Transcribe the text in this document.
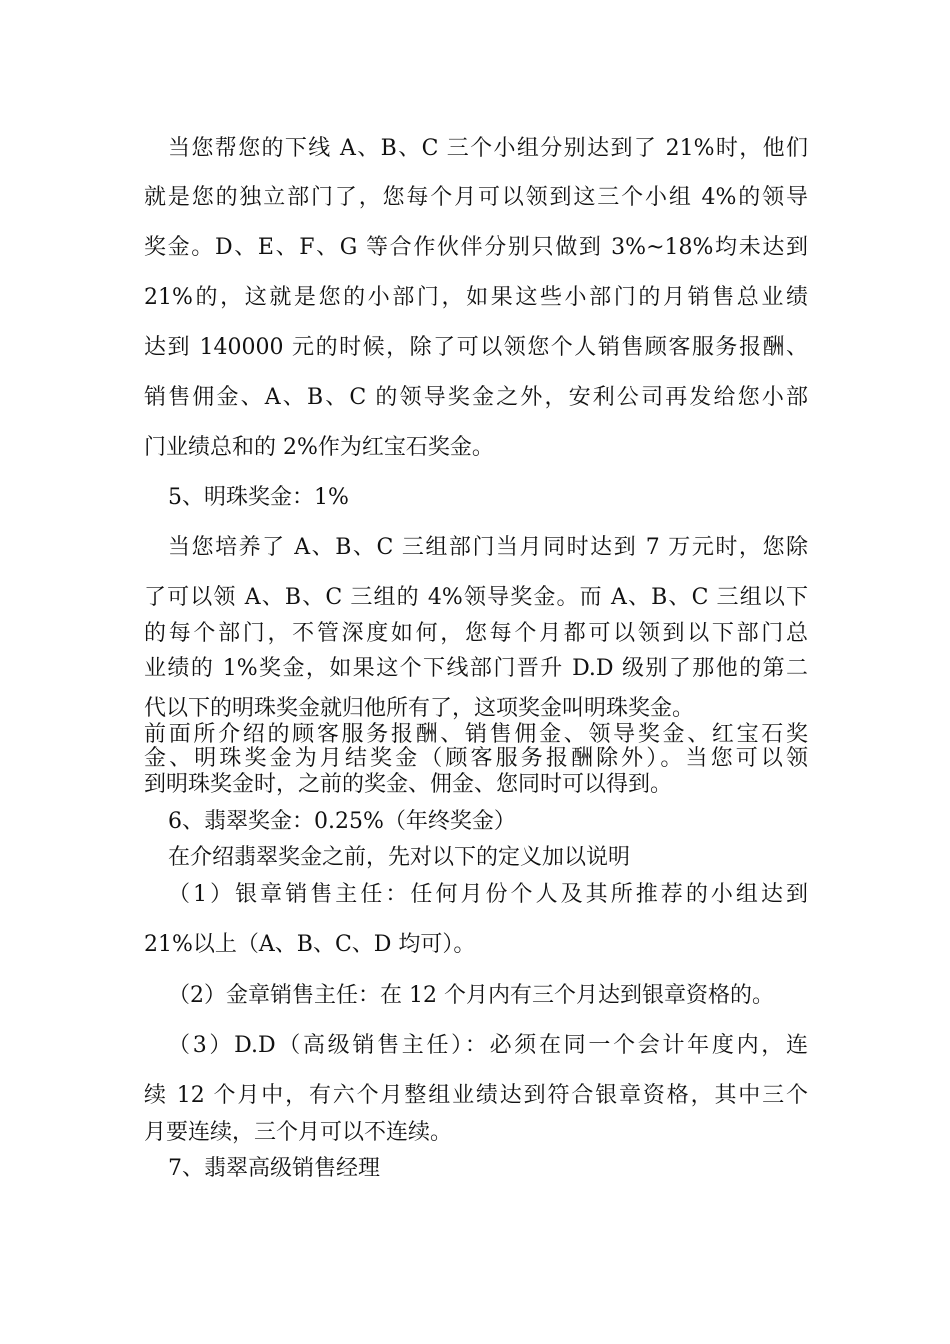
当您帮您的下线 A、B、C 三个小组分别达到了 21%时，他们
就是您的独立部门了，您每个月可以领到这三个小组 4%的领导
奖金。D、E、F、G 等合作伙伴分别只做到 3%~18%均未达到
21%的，这就是您的小部门，如果这些小部门的月销售总业绩
达到 140000 元的时候，除了可以领您个人销售顾客服务报酬、
销售佣金、A、B、C 的领导奖金之外，安利公司再发给您小部
门业绩总和的 2%作为红宝石奖金。
5、明珠奖金：1%
当您培养了 A、B、C 三组部门当月同时达到 7 万元时，您除
了可以领 A、B、C 三组的 4%领导奖金。而 A、B、C 三组以下
的每个部门，不管深度如何，您每个月都可以领到以下部门总
业绩的 1%奖金，如果这个下线部门晋升 D.D 级别了那他的第二
代以下的明珠奖金就归他所有了，这项奖金叫明珠奖金。
前面所介绍的顾客服务报酬、销售佣金、领导奖金、红宝石奖
金、明珠奖金为月结奖金（顾客服务报酬除外）。当您可以领
到明珠奖金时，之前的奖金、佣金、您同时可以得到。
6、翡翠奖金：0.25%（年终奖金）
在介绍翡翠奖金之前，先对以下的定义加以说明
（1）银章销售主任：任何月份个人及其所推荐的小组达到
21%以上（A、B、C、D 均可）。
（2）金章销售主任：在 12 个月内有三个月达到银章资格的。
（3）D.D（高级销售主任）：必须在同一个会计年度内，连
续 12 个月中，有六个月整组业绩达到符合银章资格，其中三个
月要连续，三个月可以不连续。
7、翡翠高级销售经理
